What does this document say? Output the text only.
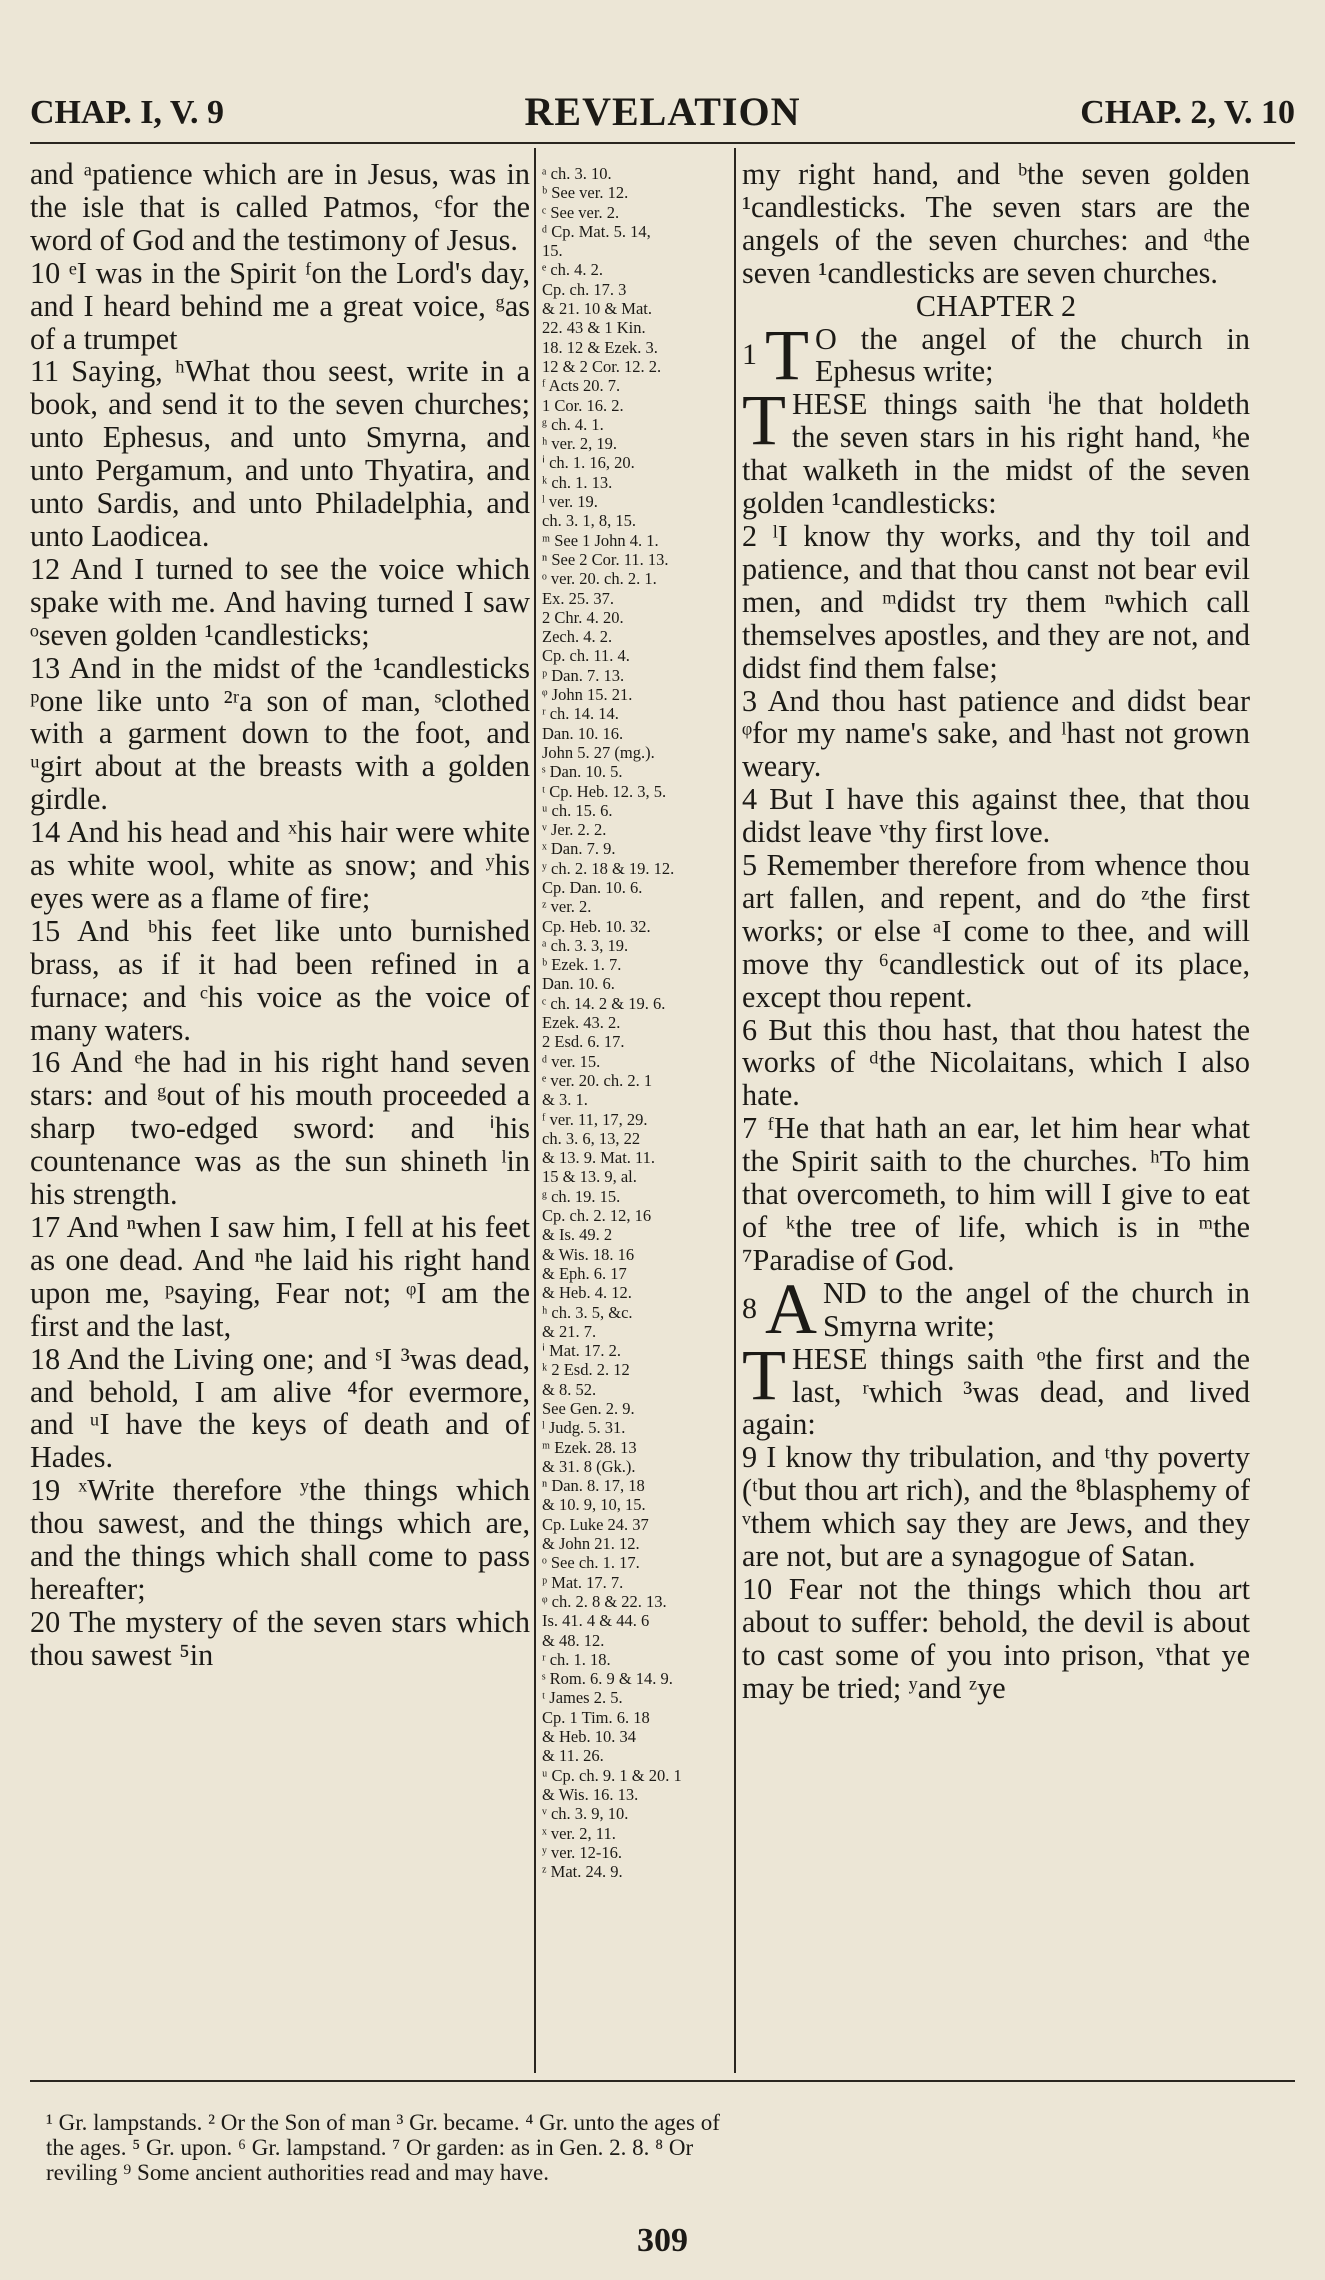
CHAP. I, V. 9	REVELATION	CHAP. 2, V. 10

and ᵃpatience which are in Jesus, was in the isle that is called Patmos, ᶜfor the word of God and the testimony of Jesus.

10 ᵉI was in the Spirit ᶠon the Lord's day, and I heard behind me a great voice, ᵍas of a trumpet

11 Saying, ʰWhat thou seest, write in a book, and send it to the seven churches; unto Ephesus, and unto Smyrna, and unto Pergamum, and unto Thyatira, and unto Sardis, and unto Philadelphia, and unto Laodicea.

12 And I turned to see the voice which spake with me. And having turned I saw ᵒseven golden ¹candlesticks;

13 And in the midst of the ¹candlesticks ᵖone like unto ²ʳa son of man, ˢclothed with a garment down to the foot, and ᵘgirt about at the breasts with a golden girdle.

14 And his head and ˣhis hair were white as white wool, white as snow; and ʸhis eyes were as a flame of fire;

15 And ᵇhis feet like unto burnished brass, as if it had been refined in a furnace; and ᶜhis voice as the voice of many waters.

16 And ᵉhe had in his right hand seven stars: and ᵍout of his mouth proceeded a sharp two-edged sword: and ⁱhis countenance was as the sun shineth ˡin his strength.

17 And ⁿwhen I saw him, I fell at his feet as one dead. And ⁿhe laid his right hand upon me, ᵖsaying, Fear not; ᵠI am the first and the last,

18 And the Living one; and ˢI ³was dead, and behold, I am alive ⁴for evermore, and ᵘI have the keys of death and of Hades.

19 ˣWrite therefore ʸthe things which thou sawest, and the things which are, and the things which shall come to pass hereafter;

20 The mystery of the seven stars which thou sawest ⁵in

ᵃ ch. 3. 10.
ᵇ See ver. 12.
ᶜ See ver. 2.
ᵈ Cp. Mat. 5. 14,
15.
ᵉ ch. 4. 2.
Cp. ch. 17. 3
& 21. 10 & Mat.
22. 43 & 1 Kin.
18. 12 & Ezek. 3.
12 & 2 Cor. 12. 2.
ᶠ Acts 20. 7.
1 Cor. 16. 2.
ᵍ ch. 4. 1.
ʰ ver. 2, 19.
ⁱ ch. 1. 16, 20.
ᵏ ch. 1. 13.
ˡ ver. 19.
ch. 3. 1, 8, 15.
ᵐ See 1 John 4. 1.
ⁿ See 2 Cor. 11. 13.
ᵒ ver. 20. ch. 2. 1.
Ex. 25. 37.
2 Chr. 4. 20.
Zech. 4. 2.
Cp. ch. 11. 4.
ᵖ Dan. 7. 13.
ᵠ John 15. 21.
ʳ ch. 14. 14.
Dan. 10. 16.
John 5. 27 (mg.).
ˢ Dan. 10. 5.
ᵗ Cp. Heb. 12. 3, 5.
ᵘ ch. 15. 6.
ᵛ Jer. 2. 2.
ˣ Dan. 7. 9.
ʸ ch. 2. 18 & 19. 12.
Cp. Dan. 10. 6.
ᶻ ver. 2.
Cp. Heb. 10. 32.
ᵃ ch. 3. 3, 19.
ᵇ Ezek. 1. 7.
Dan. 10. 6.
ᶜ ch. 14. 2 & 19. 6.
Ezek. 43. 2.
2 Esd. 6. 17.
ᵈ ver. 15.
ᵉ ver. 20. ch. 2. 1
& 3. 1.
ᶠ ver. 11, 17, 29.
ch. 3. 6, 13, 22
& 13. 9. Mat. 11.
15 & 13. 9, al.
ᵍ ch. 19. 15.
Cp. ch. 2. 12, 16
& Is. 49. 2
& Wis. 18. 16
& Eph. 6. 17
& Heb. 4. 12.
ʰ ch. 3. 5, &c.
& 21. 7.
ⁱ Mat. 17. 2.
ᵏ 2 Esd. 2. 12
& 8. 52.
See Gen. 2. 9.
ˡ Judg. 5. 31.
ᵐ Ezek. 28. 13
& 31. 8 (Gk.).
ⁿ Dan. 8. 17, 18
& 10. 9, 10, 15.
Cp. Luke 24. 37
& John 21. 12.
ᵒ See ch. 1. 17.
ᵖ Mat. 17. 7.
ᵠ ch. 2. 8 & 22. 13.
Is. 41. 4 & 44. 6
& 48. 12.
ʳ ch. 1. 18.
ˢ Rom. 6. 9 & 14. 9.
ᵗ James 2. 5.
Cp. 1 Tim. 6. 18
& Heb. 10. 34
& 11. 26.
ᵘ Cp. ch. 9. 1 & 20. 1
& Wis. 16. 13.
ᵛ ch. 3. 9, 10.
ˣ ver. 2, 11.
ʸ ver. 12-16.
ᶻ Mat. 24. 9.

my right hand, and ᵇthe seven golden ¹candlesticks. The seven stars are the angels of the seven churches: and ᵈthe seven ¹candlesticks are seven churches.

CHAPTER 2

$^1$ T O the angel of the church in Ephesus write;

THESE things saith ⁱhe that holdeth the seven stars in his right hand, ᵏhe that walketh in the midst of the seven golden ¹candlesticks:

2 ˡI know thy works, and thy toil and patience, and that thou canst not bear evil men, and ᵐdidst try them ⁿwhich call themselves apostles, and they are not, and didst find them false;

3 And thou hast patience and didst bear ᵠfor my name's sake, and ˡhast not grown weary.

4 But I have this against thee, that thou didst leave ᵛthy first love.

5 Remember therefore from whence thou art fallen, and repent, and do ᶻthe first works; or else ᵃI come to thee, and will move thy ⁶candlestick out of its place, except thou repent.

6 But this thou hast, that thou hatest the works of ᵈthe Nicolaitans, which I also hate.

7 ᶠHe that hath an ear, let him hear what the Spirit saith to the churches. ʰTo him that overcometh, to him will I give to eat of ᵏthe tree of life, which is in ᵐthe ⁷Paradise of God.

$^8$ A ND to the angel of the church in Smyrna write;

THESE things saith ᵒthe first and the last, ʳwhich ³was dead, and lived again:

9 I know thy tribulation, and ᵗthy poverty (ᵗbut thou art rich), and the ⁸blasphemy of ᵛthem which say they are Jews, and they are not, but are a synagogue of Satan.

10 Fear not the things which thou art about to suffer: behold, the devil is about to cast some of you into prison, ᵛthat ye may be tried; ʸand ᶻye

¹ Gr. lampstands. ² Or the Son of man ³ Gr. became. ⁴ Gr. unto the ages of
the ages. ⁵ Gr. upon. ⁶ Gr. lampstand. ⁷ Or garden: as in Gen. 2. 8. ⁸ Or
reviling ⁹ Some ancient authorities read and may have.
309
